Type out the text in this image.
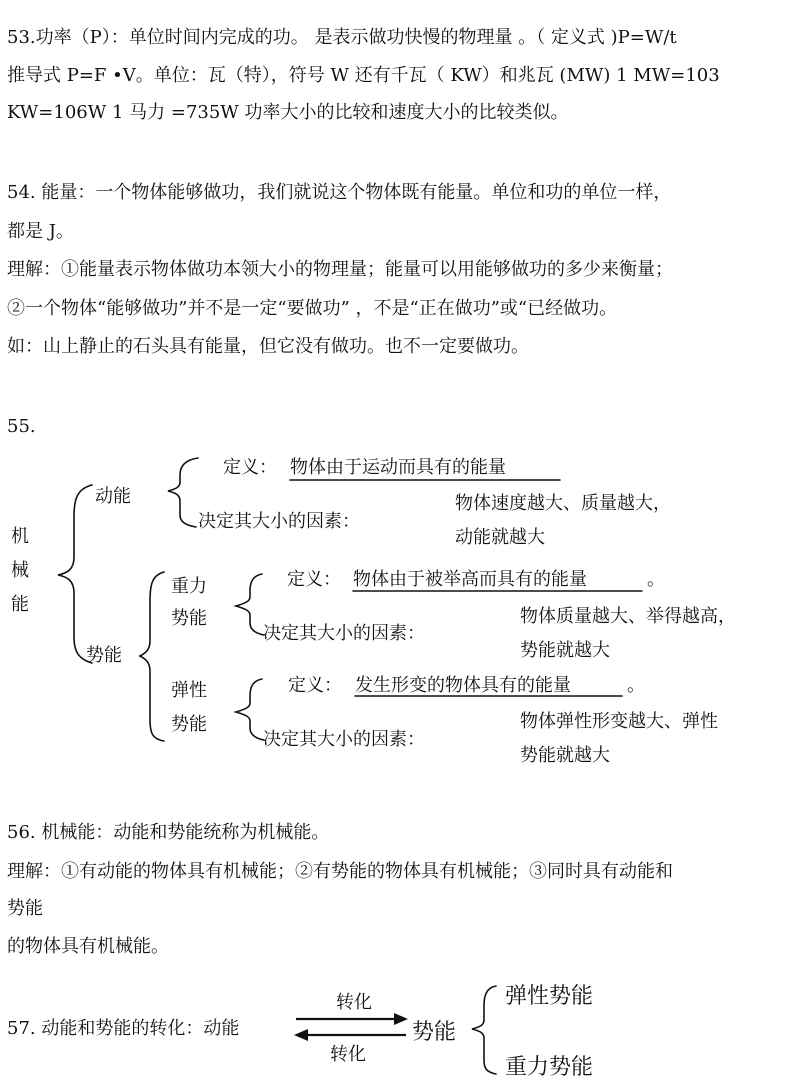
53.功率（P）：单位时间内完成的功。 是表示做功快慢的物理量 。（ 定义式 )P=W/t
推导式 P=F •V。单位：瓦（特），符号 W 还有千瓦（ KW）和兆瓦 (MW) 1 MW=103
KW=106W 1 马力 =735W 功率大小的比较和速度大小的比较类似。
54. 能量：一个物体能够做功，我们就说这个物体既有能量。单位和功的单位一样，
都是 J。
理解：①能量表示物体做功本领大小的物理量；能量可以用能够做功的多少来衡量；
②一个物体“能够做功”并不是一定“要做功” ，不是“正在做功”或“已经做功。
如：山上静止的石头具有能量，但它没有做功。也不一定要做功。
55.
机
械
能
动能
定义： 物体由于运动而具有的能量
决定其大小的因素：
物体速度越大、质量越大，
动能就越大
势能
重力
势能
定义： 物体由于被举高而具有的能量	。
决定其大小的因素：
物体质量越大、举得越高，
势能就越大
弹性
势能
定义： 发生形变的物体具有的能量	。
决定其大小的因素：
物体弹性形变越大、弹性
势能就越大
56. 机械能：动能和势能统称为机械能。
理解：①有动能的物体具有机械能；②有势能的物体具有机械能；③同时具有动能和
势能
的物体具有机械能。
57. 动能和势能的转化：动能
转化
转化
势能
弹性势能
重力势能
